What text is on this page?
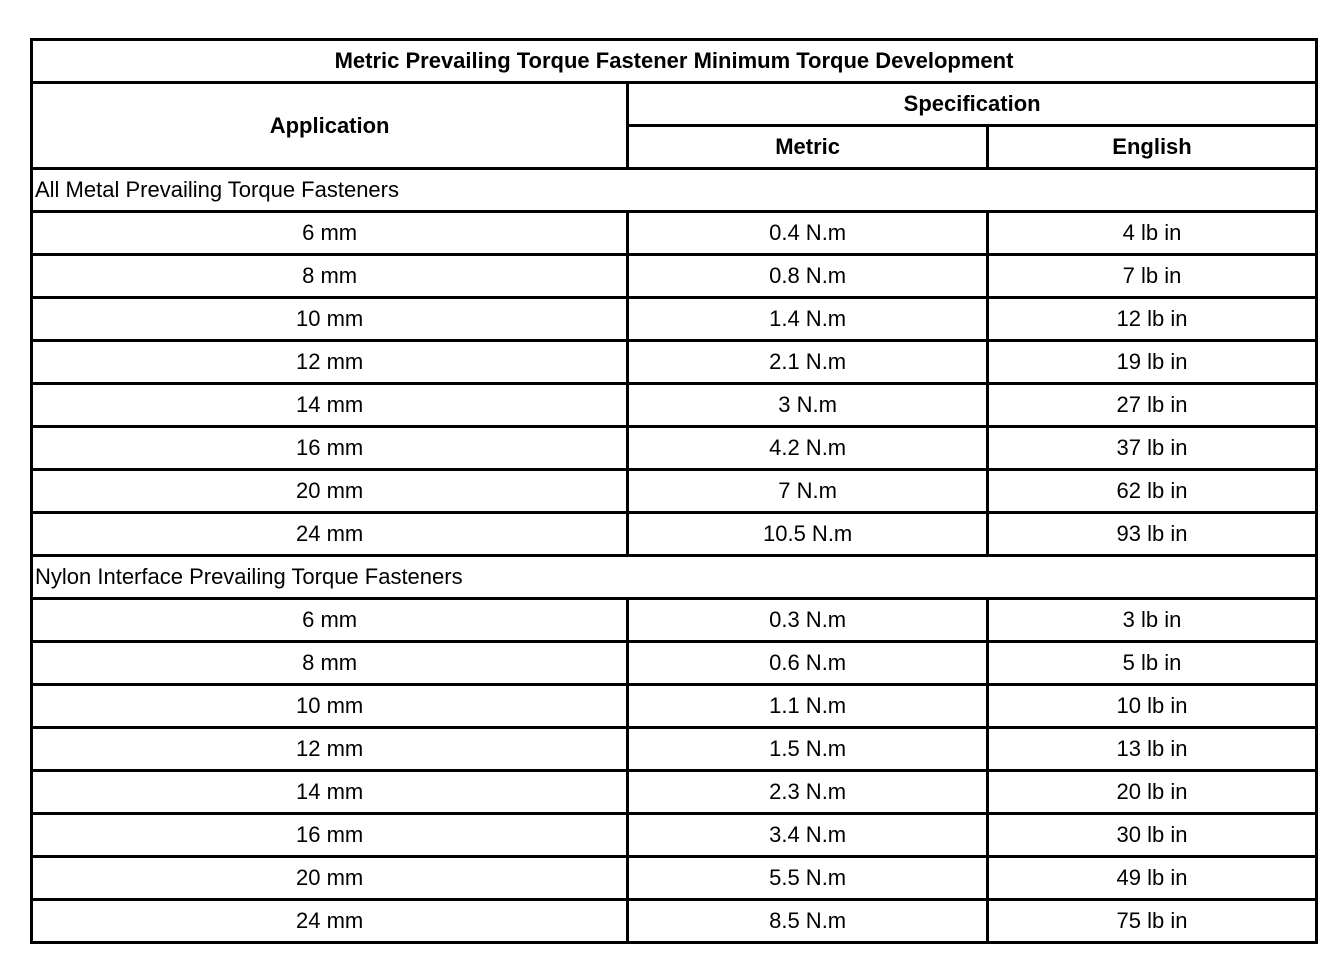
Metric Prevailing Torque Fastener Minimum Torque Development		
Application	Specification	
	Metric	English
All Metal Prevailing Torque Fasteners		
6 mm	0.4 N.m	4 lb in
8 mm	0.8 N.m	7 lb in
10 mm	1.4 N.m	12 lb in
12 mm	2.1 N.m	19 lb in
14 mm	3 N.m	27 lb in
16 mm	4.2 N.m	37 lb in
20 mm	7 N.m	62 lb in
24 mm	10.5 N.m	93 lb in
Nylon Interface Prevailing Torque Fasteners		
6 mm	0.3 N.m	3 lb in
8 mm	0.6 N.m	5 lb in
10 mm	1.1 N.m	10 lb in
12 mm	1.5 N.m	13 lb in
14 mm	2.3 N.m	20 lb in
16 mm	3.4 N.m	30 lb in
20 mm	5.5 N.m	49 lb in
24 mm	8.5 N.m	75 lb in
